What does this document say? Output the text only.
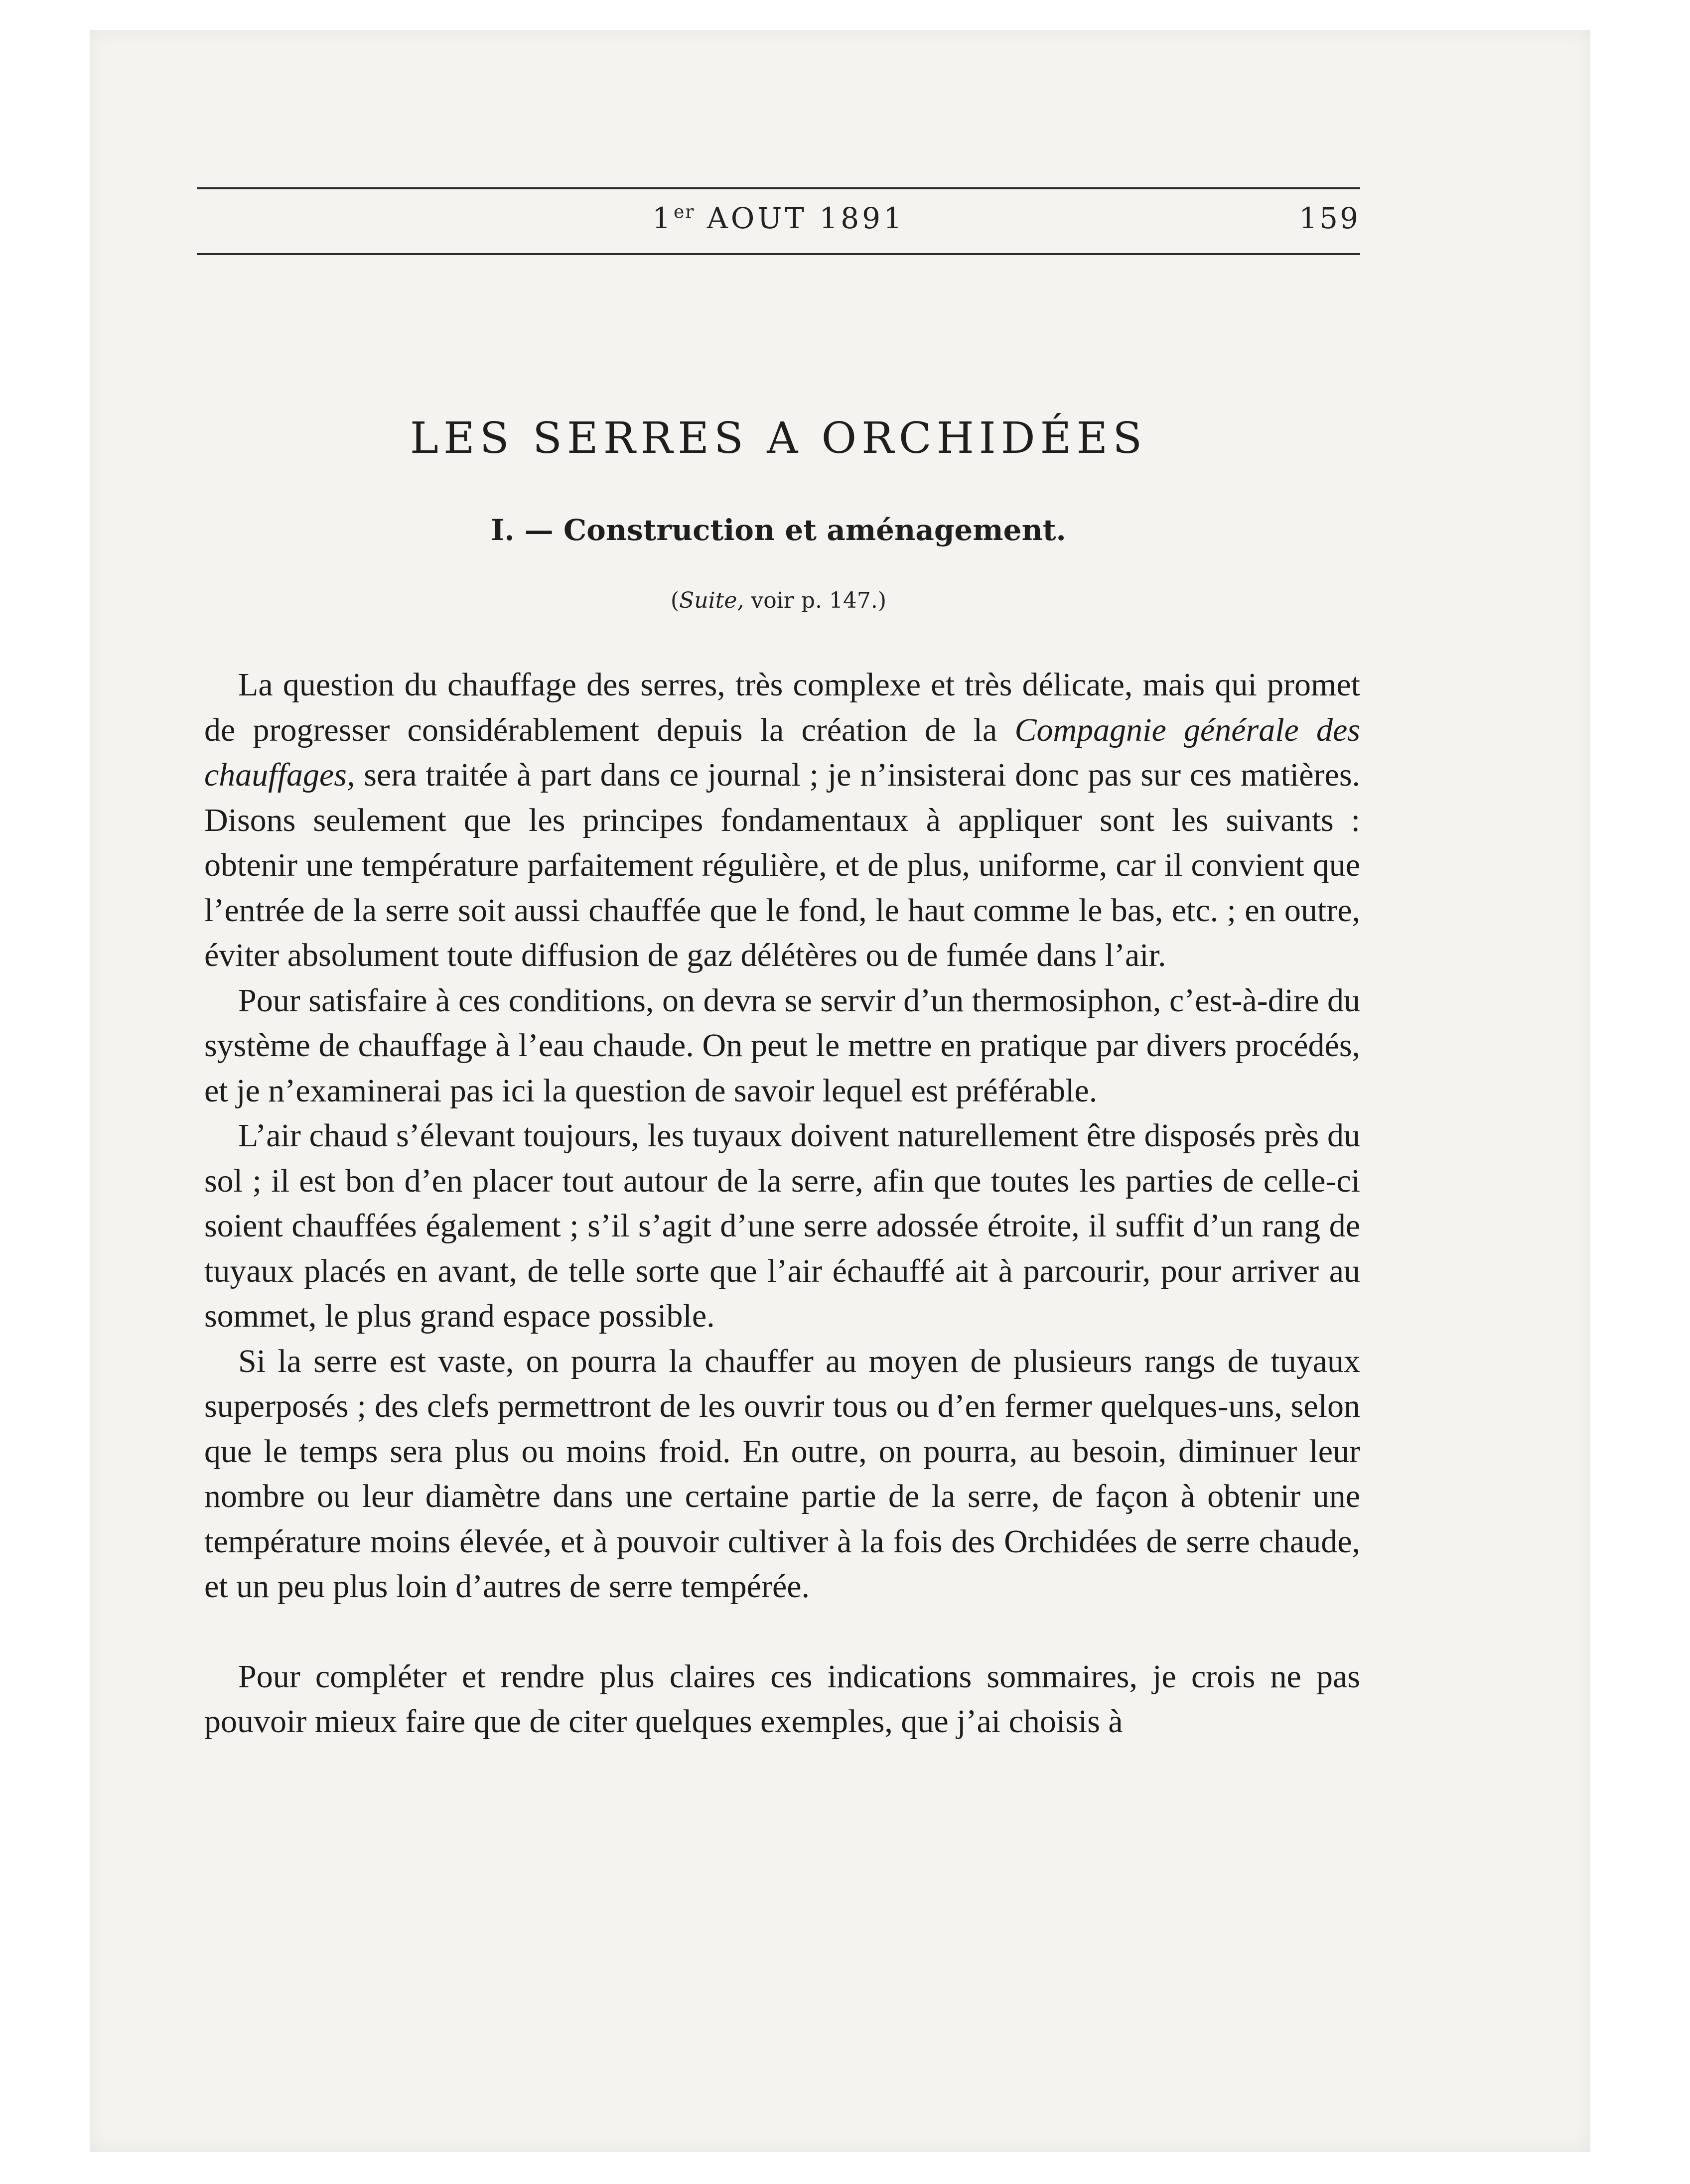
1er AOUT 1891	159
LES SERRES A ORCHIDÉES
I. — Construction et aménagement.
(Suite, voir p. 147.)

La question du chauffage des serres, très complexe et très délicate, mais qui promet de progresser considérablement depuis la création de la Compagnie générale des chauffages, sera traitée à part dans ce journal ; je n’insisterai donc pas sur ces matières. Disons seulement que les principes fondamentaux à appliquer sont les suivants : obtenir une température parfaitement régulière, et de plus, uniforme, car il convient que l’entrée de la serre soit aussi chauffée que le fond, le haut comme le bas, etc. ; en outre, éviter absolument toute diffusion de gaz délétères ou de fumée dans l’air.

Pour satisfaire à ces conditions, on devra se servir d’un thermosiphon, c’est-à-dire du système de chauffage à l’eau chaude. On peut le mettre en pratique par divers procédés, et je n’examinerai pas ici la question de savoir lequel est préférable.

L’air chaud s’élevant toujours, les tuyaux doivent naturellement être disposés près du sol ; il est bon d’en placer tout autour de la serre, afin que toutes les parties de celle-ci soient chauffées également ; s’il s’agit d’une serre adossée étroite, il suffit d’un rang de tuyaux placés en avant, de telle sorte que l’air échauffé ait à parcourir, pour arriver au sommet, le plus grand espace possible.

Si la serre est vaste, on pourra la chauffer au moyen de plusieurs rangs de tuyaux superposés ; des clefs permettront de les ouvrir tous ou d’en fermer quelques-uns, selon que le temps sera plus ou moins froid. En outre, on pourra, au besoin, diminuer leur nombre ou leur diamètre dans une certaine partie de la serre, de façon à obtenir une température moins élevée, et à pouvoir cultiver à la fois des Orchidées de serre chaude, et un peu plus loin d’autres de serre tempérée.

Pour compléter et rendre plus claires ces indications sommaires, je crois ne pas pouvoir mieux faire que de citer quelques exemples, que j’ai choisis à
